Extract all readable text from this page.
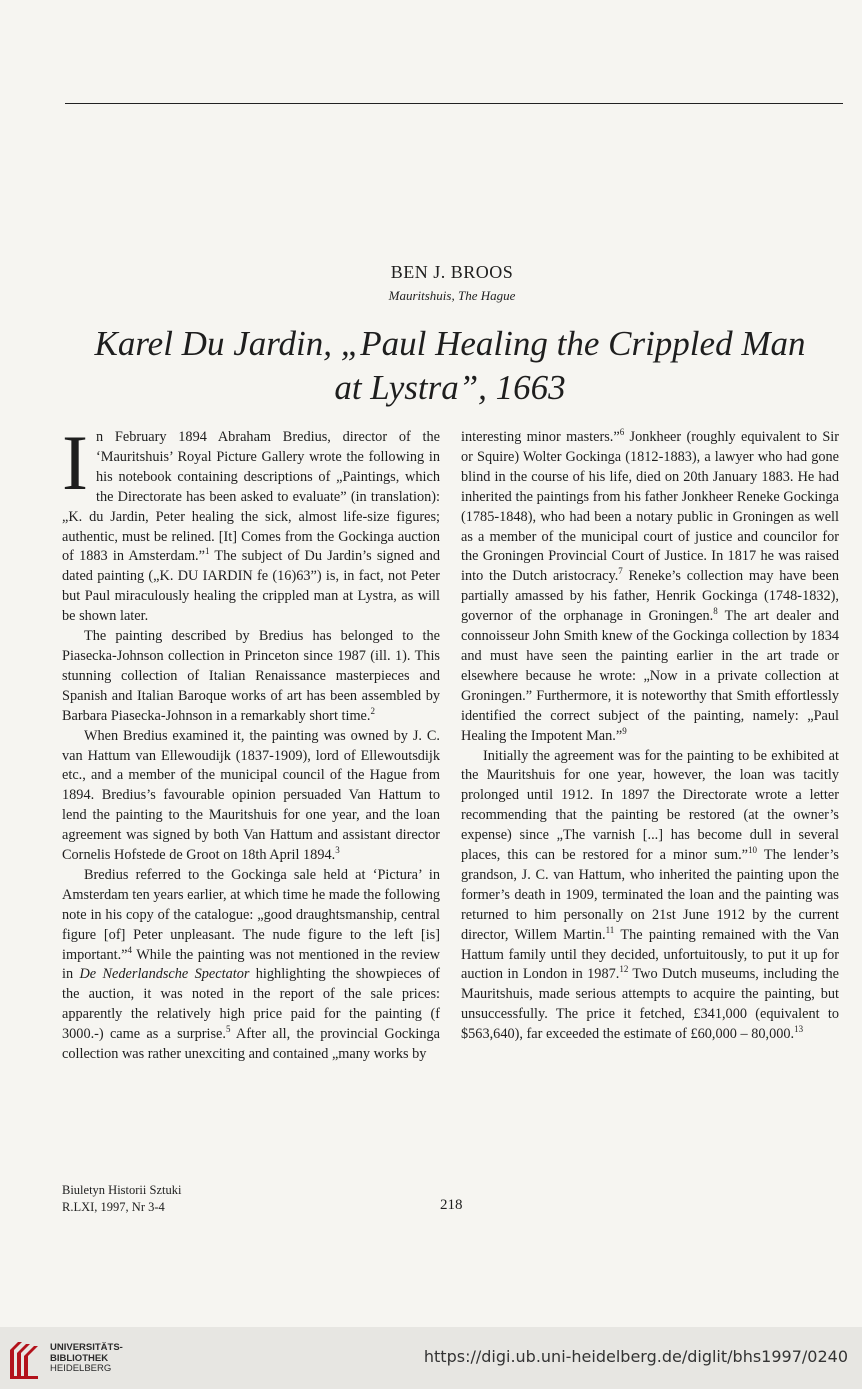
BEN J. BROOS
Mauritshuis, The Hague
Karel Du Jardin, „Paul Healing the Crippled Man
at Lystra”, 1663

In February 1894 Abraham Bredius, director of the ‘Mauritshuis’ Royal Picture Gallery wrote the following in his notebook containing descriptions of „Paintings, which the Directorate has been asked to evaluate” (in translation): „K. du Jardin, Peter healing the sick, almost life-size figures; authentic, must be relined. [It] Comes from the Gockinga auction of 1883 in Amsterdam.”$^1$ The subject of Du Jardin’s signed and dated painting („K. DU IARDIN fe (16)63”) is, in fact, not Peter but Paul miraculously healing the crippled man at Lystra, as will be shown later.

The painting described by Bredius has belonged to the Piasecka-Johnson collection in Princeton since 1987 (ill. 1). This stunning collection of Italian Renaissance masterpieces and Spanish and Italian Baroque works of art has been assembled by Barbara Piasecka-Johnson in a remarkably short time.$^2$

When Bredius examined it, the painting was owned by J. C. van Hattum van Ellewoudijk (1837-1909), lord of Ellewoutsdijk etc., and a member of the municipal council of the Hague from 1894. Bredius’s favourable opinion persuaded Van Hattum to lend the painting to the Mauritshuis for one year, and the loan agreement was signed by both Van Hattum and assistant director Cornelis Hofstede de Groot on 18th April 1894.$^3$

Bredius referred to the Gockinga sale held at ‘Pictura’ in Amsterdam ten years earlier, at which time he made the following note in his copy of the catalogue: „good draughtsmanship, central figure [of] Peter unpleasant. The nude figure to the left [is] important.”$^4$ While the painting was not mentioned in the review in De Nederlandsche Spectator highlighting the showpieces of the auction, it was noted in the report of the sale prices: apparently the relatively high price paid for the painting (f 3000.-) came as a surprise.$^5$ After all, the provincial Gockinga collection was rather unexciting and contained „many works by

interesting minor masters.”$^6$ Jonkheer (roughly equivalent to Sir or Squire) Wolter Gockinga (1812-1883), a lawyer who had gone blind in the course of his life, died on 20th January 1883. He had inherited the paintings from his father Jonkheer Reneke Gockinga (1785-1848), who had been a notary public in Groningen as well as a member of the municipal court of justice and councilor for the Groningen Provincial Court of Justice. In 1817 he was raised into the Dutch aristocracy.$^7$ Reneke’s collection may have been partially amassed by his father, Henrik Gockinga (1748-1832), governor of the orphanage in Groningen.$^8$ The art dealer and connoisseur John Smith knew of the Gockinga collection by 1834 and must have seen the painting earlier in the art trade or elsewhere because he wrote: „Now in a private collection at Groningen.” Furthermore, it is noteworthy that Smith effortlessly identified the correct subject of the painting, namely: „Paul Healing the Impotent Man.”$^9$

Initially the agreement was for the painting to be exhibited at the Mauritshuis for one year, however, the loan was tacitly prolonged until 1912. In 1897 the Directorate wrote a letter recommending that the painting be restored (at the owner’s expense) since „The varnish [...] has become dull in several places, this can be restored for a minor sum.”$^{10}$ The lender’s grandson, J. C. van Hattum, who inherited the painting upon the former’s death in 1909, terminated the loan and the painting was returned to him personally on 21st June 1912 by the current director, Willem Martin.$^{11}$ The painting remained with the Van Hattum family until they decided, unfortuitously, to put it up for auction in London in 1987.12 Two Dutch museums, including the Mauritshuis, made serious attempts to acquire the painting, but unsuccessfully. The price it fetched, £341,000 (equivalent to $563,640), far exceeded the estimate of £60,000 – 80,000.13

Biuletyn Historii Sztuki
R.LXI, 1997, Nr 3-4	218
UNIVERSITÄTS-
BIBLIOTHEK
HEIDELBERG
https://digi.ub.uni-heidelberg.de/diglit/bhs1997/0240
